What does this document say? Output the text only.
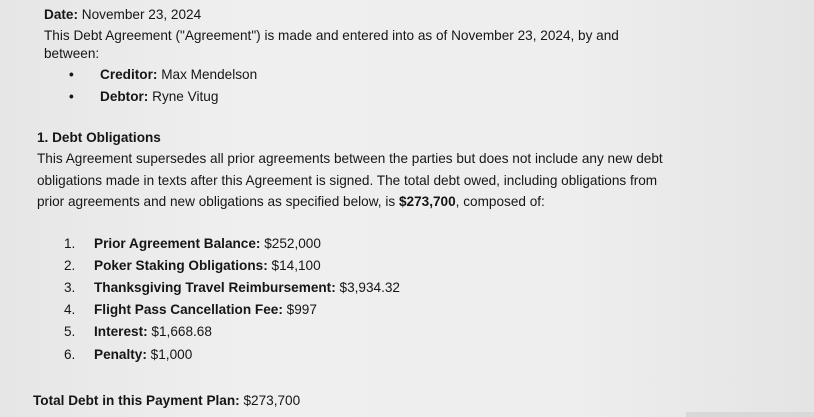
Date: November 23, 2024
This Debt Agreement ("Agreement") is made and entered into as of November 23, 2024, by and
between:
• Creditor: Max Mendelson
• Debtor: Ryne Vitug
1. Debt Obligations
This Agreement supersedes all prior agreements between the parties but does not include any new debt
obligations made in texts after this Agreement is signed. The total debt owed, including obligations from
prior agreements and new obligations as specified below, is $273,700, composed of:
1. Prior Agreement Balance: $252,000
2. Poker Staking Obligations: $14,100
3. Thanksgiving Travel Reimbursement: $3,934.32
4. Flight Pass Cancellation Fee: $997
5. Interest: $1,668.68
6. Penalty: $1,000
Total Debt in this Payment Plan: $273,700
